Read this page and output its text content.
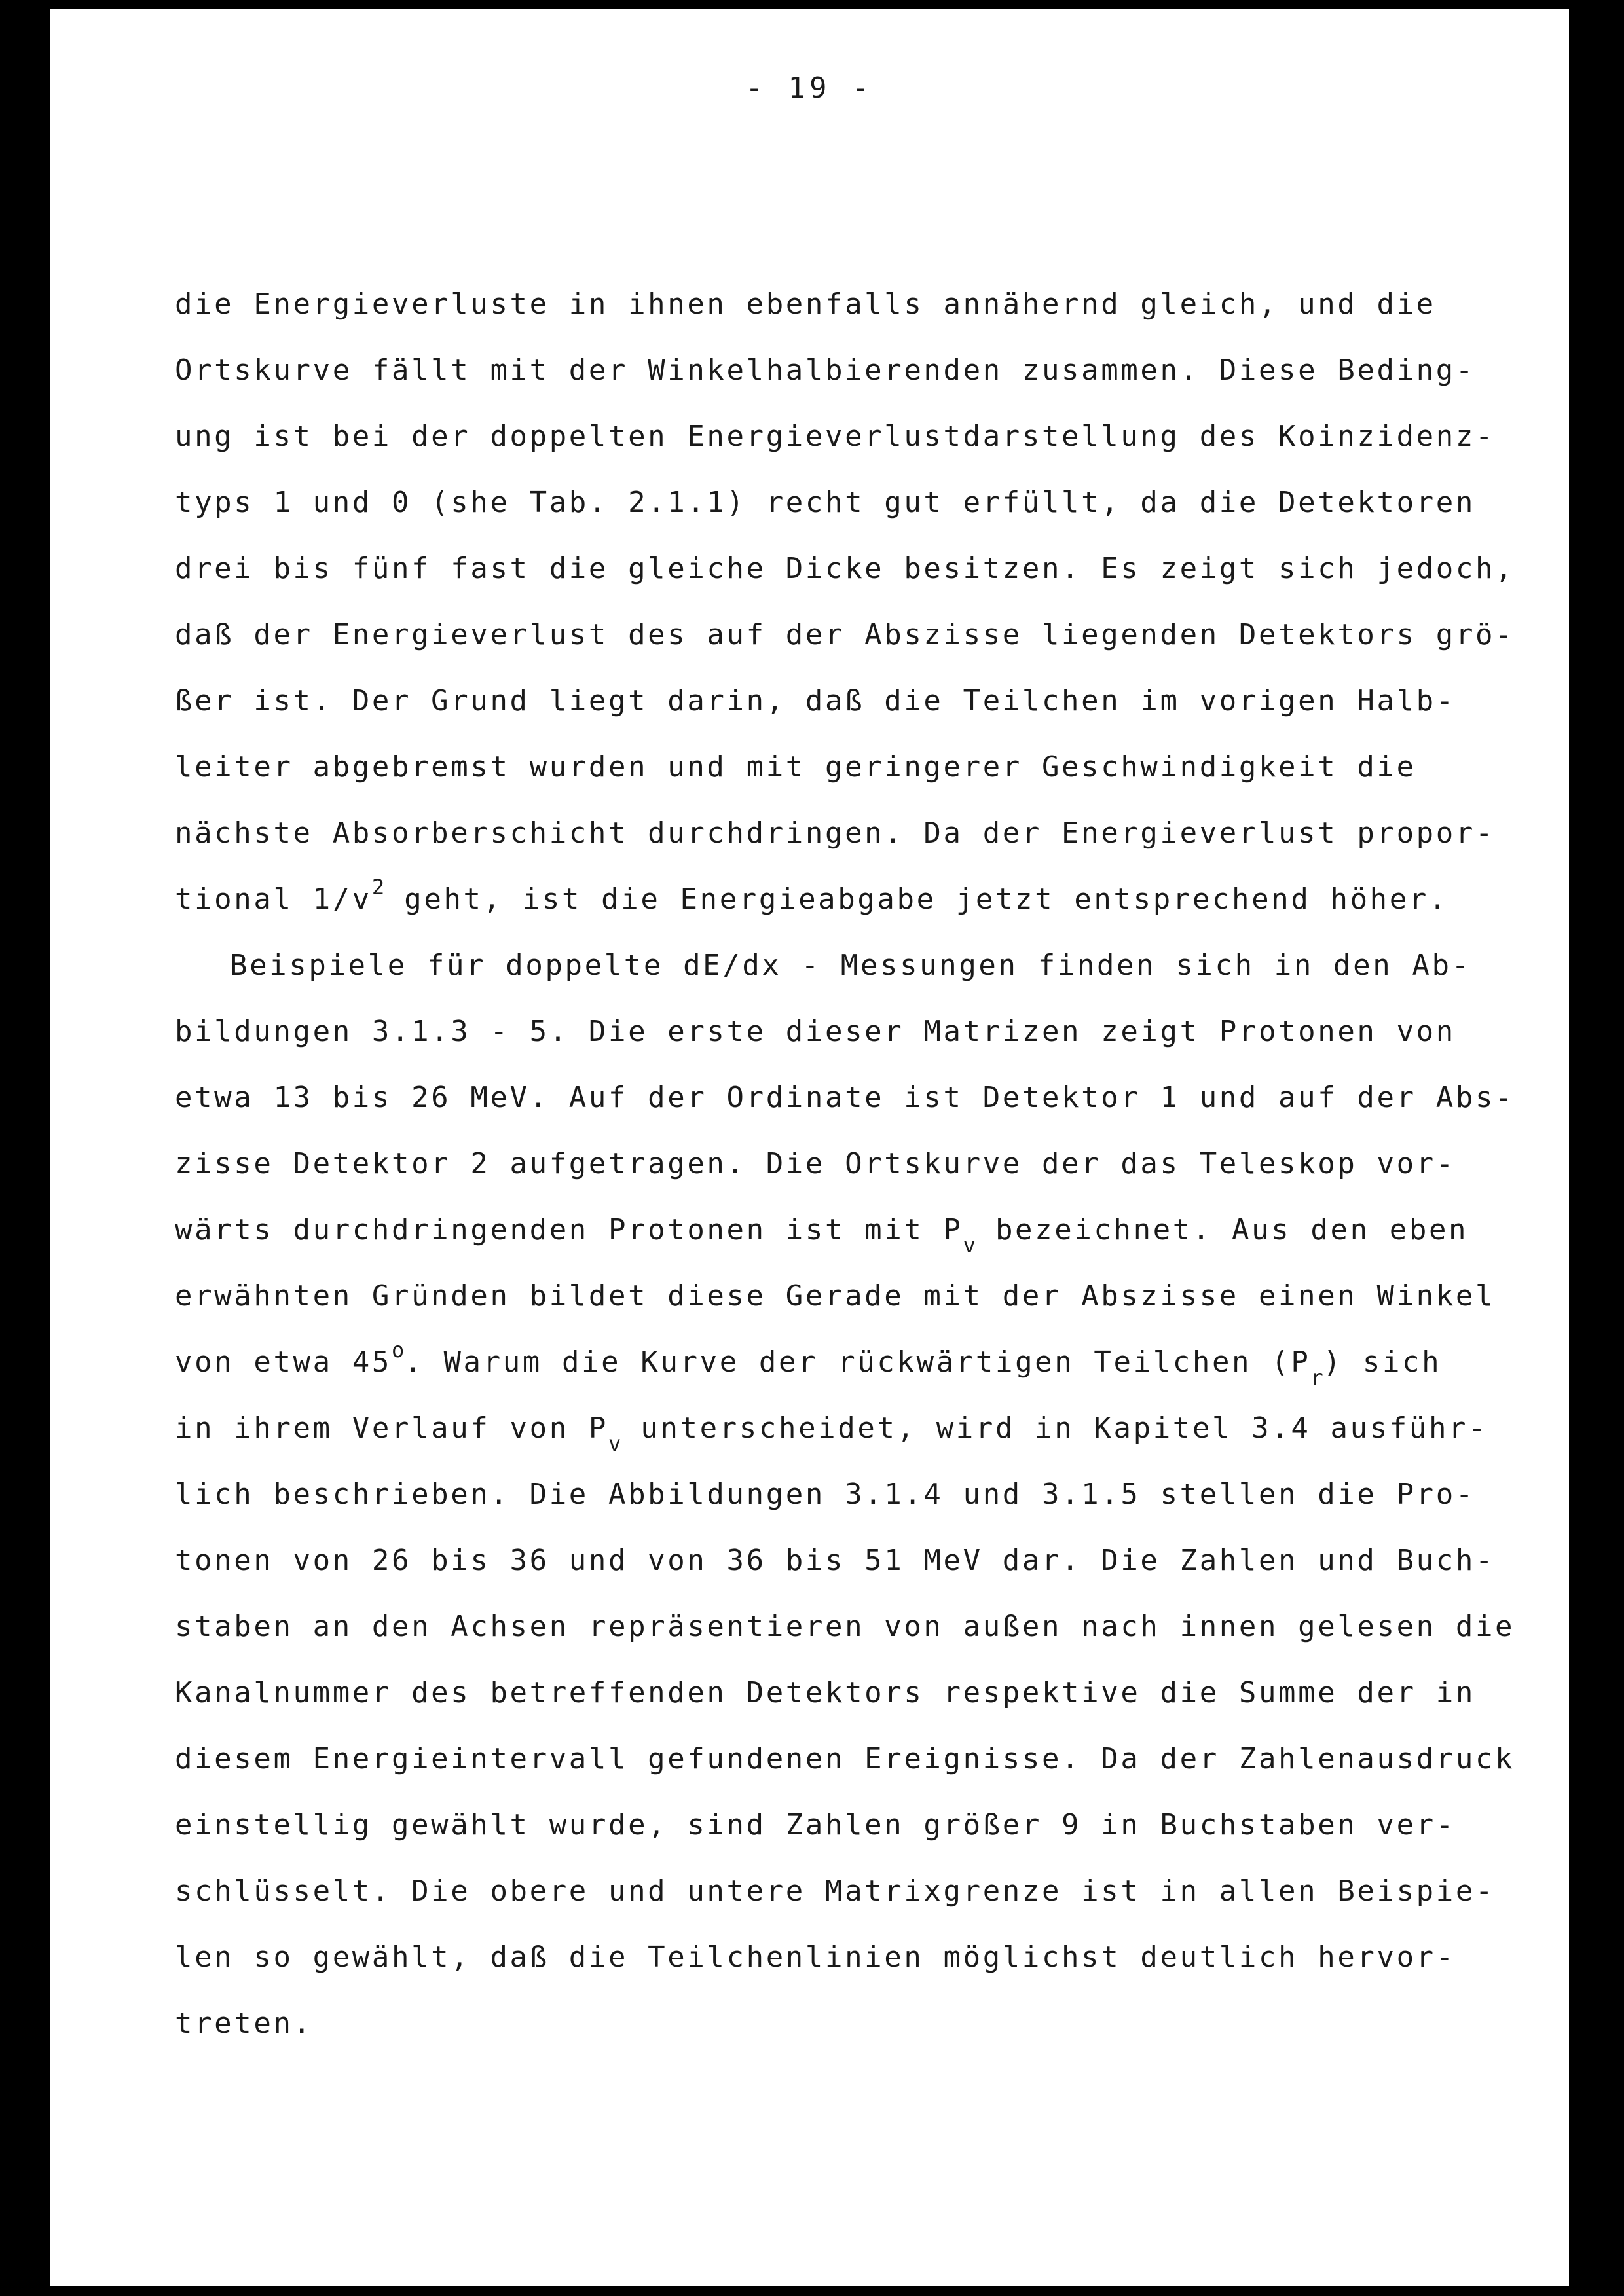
- 19 -
die Energieverluste in ihnen ebenfalls annähernd gleich, und die
Ortskurve fällt mit der Winkelhalbierenden zusammen. Diese Beding-
ung ist bei der doppelten Energieverlustdarstellung des Koinzidenz-
typs 1 und 0 (she Tab. 2.1.1) recht gut erfüllt, da die Detektoren
drei bis fünf fast die gleiche Dicke besitzen. Es zeigt sich jedoch,
daß der Energieverlust des auf der Abszisse liegenden Detektors grö-
ßer ist. Der Grund liegt darin, daß die Teilchen im vorigen Halb-
leiter abgebremst wurden und mit geringerer Geschwindigkeit die
nächste Absorberschicht durchdringen. Da der Energieverlust propor-
tional $1/v^2$ geht, ist die Energieabgabe jetzt entsprechend höher.
Beispiele für doppelte dE/dx - Messungen finden sich in den Ab-
bildungen 3.1.3 - 5. Die erste dieser Matrizen zeigt Protonen von
etwa 13 bis 26 MeV. Auf der Ordinate ist Detektor 1 und auf der Abs-
zisse Detektor 2 aufgetragen. Die Ortskurve der das Teleskop vor-
wärts durchdringenden Protonen ist mit $P_v$ bezeichnet. Aus den eben
erwähnten Gründen bildet diese Gerade mit der Abszisse einen Winkel
von etwa 45$^o$. Warum die Kurve der rückwärtigen Teilchen $(P_r)$ sich
in ihrem Verlauf von $P_v$ unterscheidet, wird in Kapitel 3.4 ausführ-
lich beschrieben. Die Abbildungen 3.1.4 und 3.1.5 stellen die Pro-
tonen von 26 bis 36 und von 36 bis 51 MeV dar. Die Zahlen und Buch-
staben an den Achsen repräsentieren von außen nach innen gelesen die
Kanalnummer des betreffenden Detektors respektive die Summe der in
diesem Energieintervall gefundenen Ereignisse. Da der Zahlenausdruck
einstellig gewählt wurde, sind Zahlen größer 9 in Buchstaben ver-
schlüsselt. Die obere und untere Matrixgrenze ist in allen Beispie-
len so gewählt, daß die Teilchenlinien möglichst deutlich hervor-
treten.
